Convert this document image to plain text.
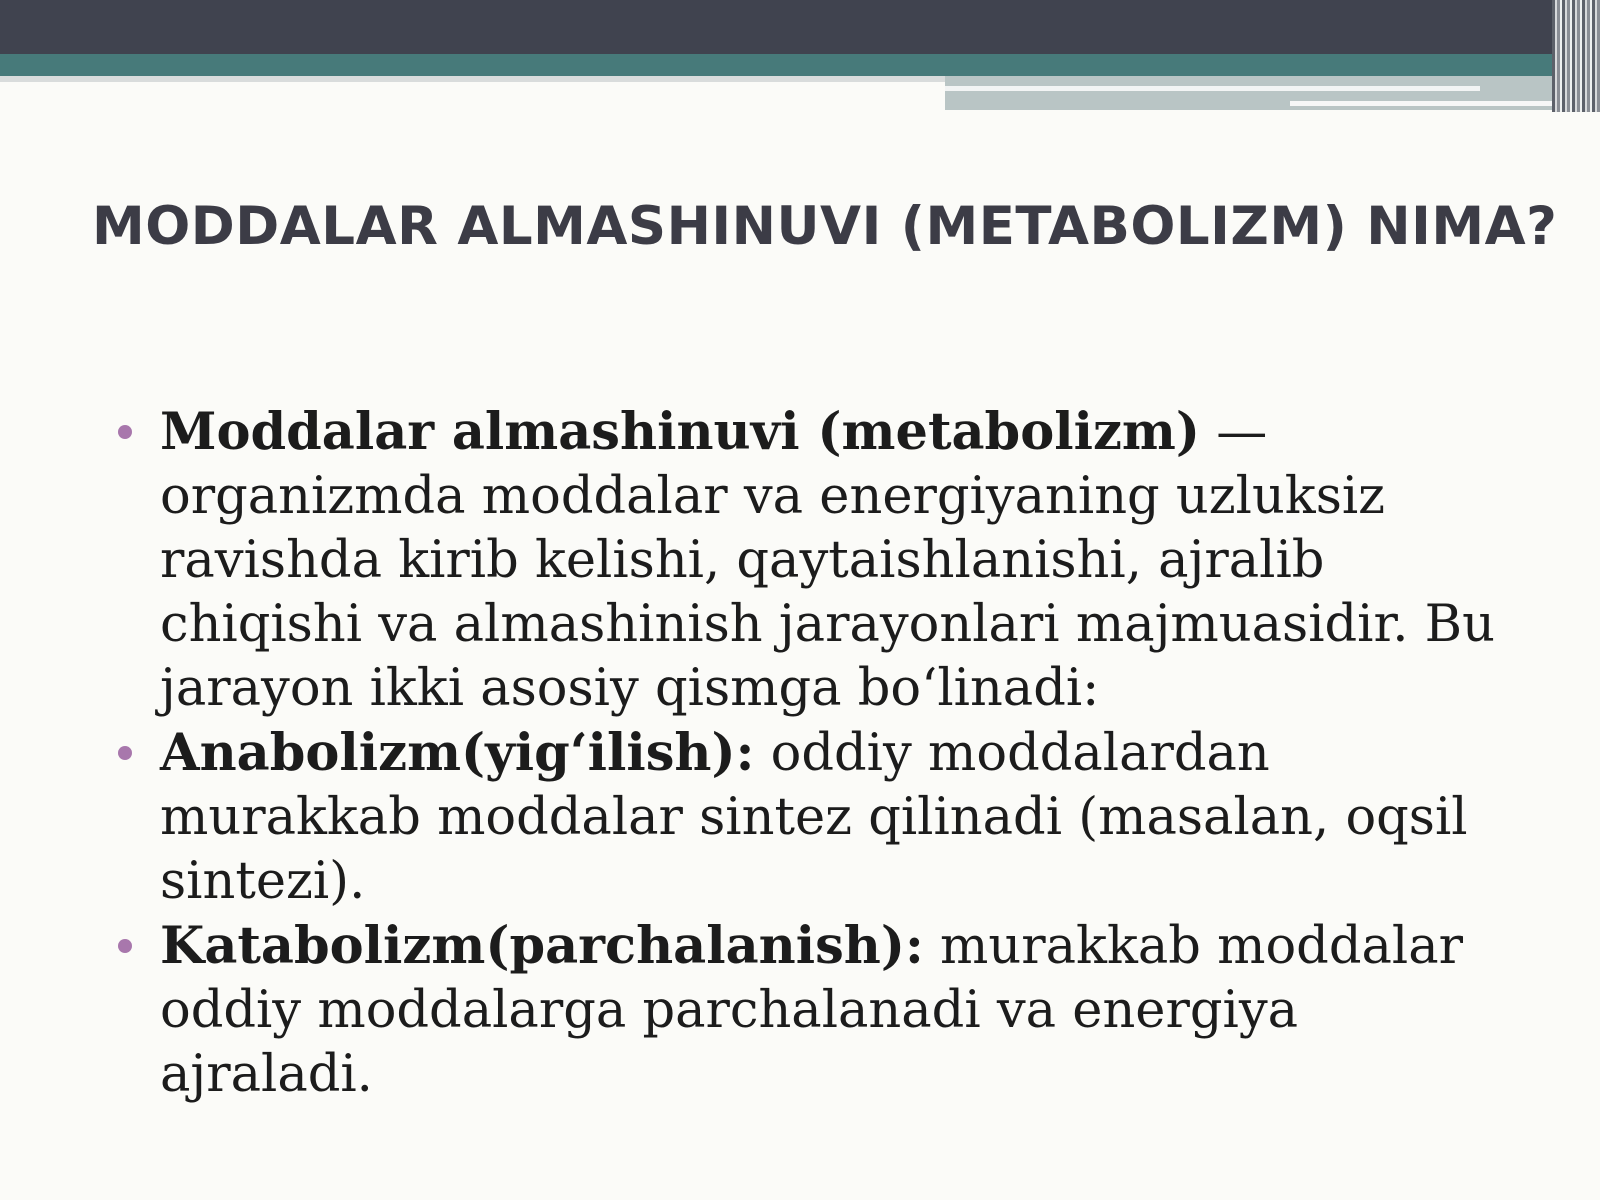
MODDALAR ALMASHINUVI (METABOLIZM) NIMA?
Moddalar almashinuvi (metabolizm) — organizmda moddalar va energiyaning uzluksiz ravishda kirib kelishi, qaytaishlanishi, ajralib chiqishi va almashinish jarayonlari majmuasidir. Bu jarayon ikki asosiy qismga bo‘linadi:
Anabolizm(yig‘ilish): oddiy moddalardan murakkab moddalar sintez qilinadi (masalan, oqsil sintezi).
Katabolizm(parchalanish): murakkab moddalar oddiy moddalarga parchalanadi va energiya ajraladi.
